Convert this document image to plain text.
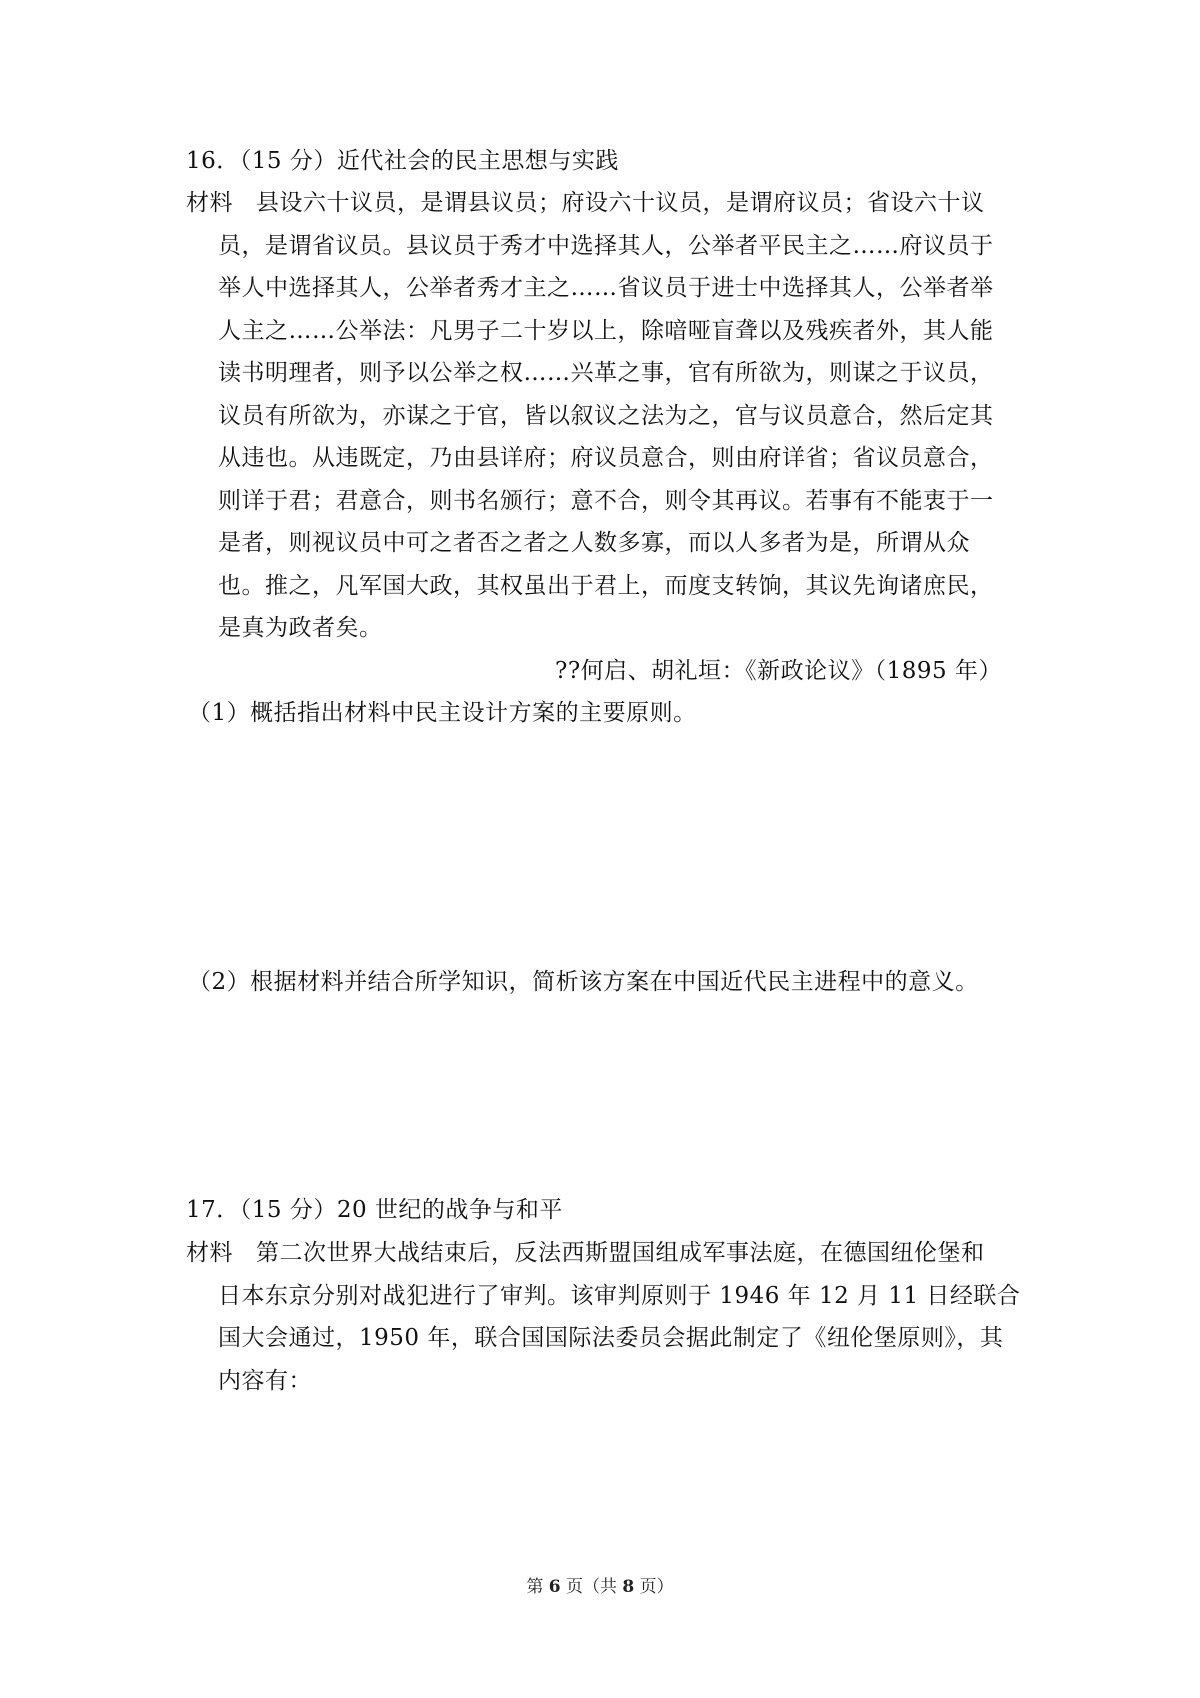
16．（15 分）近代社会的民主思想与实践
材料 县设六十议员，是谓县议员；府设六十议员，是谓府议员；省设六十议
员，是谓省议员。县议员于秀才中选择其人，公举者平民主之……府议员于
举人中选择其人，公举者秀才主之……省议员于进士中选择其人，公举者举
人主之……公举法：凡男子二十岁以上，除喑哑盲聋以及残疾者外，其人能
读书明理者，则予以公举之权……兴革之事，官有所欲为，则谋之于议员，
议员有所欲为，亦谋之于官，皆以叙议之法为之，官与议员意合，然后定其
从违也。从违既定，乃由县详府；府议员意合，则由府详省；省议员意合，
则详于君；君意合，则书名颁行；意不合，则令其再议。若事有不能衷于一
是者，则视议员中可之者否之者之人数多寡，而以人多者为是，所谓从众
也。推之，凡军国大政，其权虽出于君上，而度支转饷，其议先询诸庶民，
是真为政者矣。
??何启、胡礼垣：《新政论议》（1895 年）
（1）概括指出材料中民主设计方案的主要原则。
（2）根据材料并结合所学知识，简析该方案在中国近代民主进程中的意义。
17．（15 分）20 世纪的战争与和平
材料 第二次世界大战结束后，反法西斯盟国组成军事法庭，在德国纽伦堡和
日本东京分别对战犯进行了审判。该审判原则于 1946 年 12 月 11 日经联合
国大会通过，1950 年，联合国国际法委员会据此制定了《纽伦堡原则》，其
内容有：
第 6 页（共 8 页）
